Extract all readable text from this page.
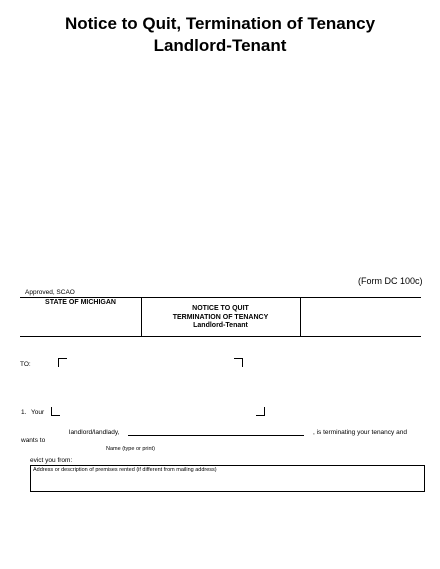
Notice to Quit, Termination of Tenancy
Landlord-Tenant
(Form DC 100c)
Approved, SCAO
STATE OF MICHIGAN
NOTICE TO QUIT
TERMINATION OF TENANCY
Landlord-Tenant
TO:
1. Your
landlord/landlady,	, is terminating your tenancy and
wants to
Name (type or print)
evict you from:
Address or description of premises rented (if different from mailing address)
